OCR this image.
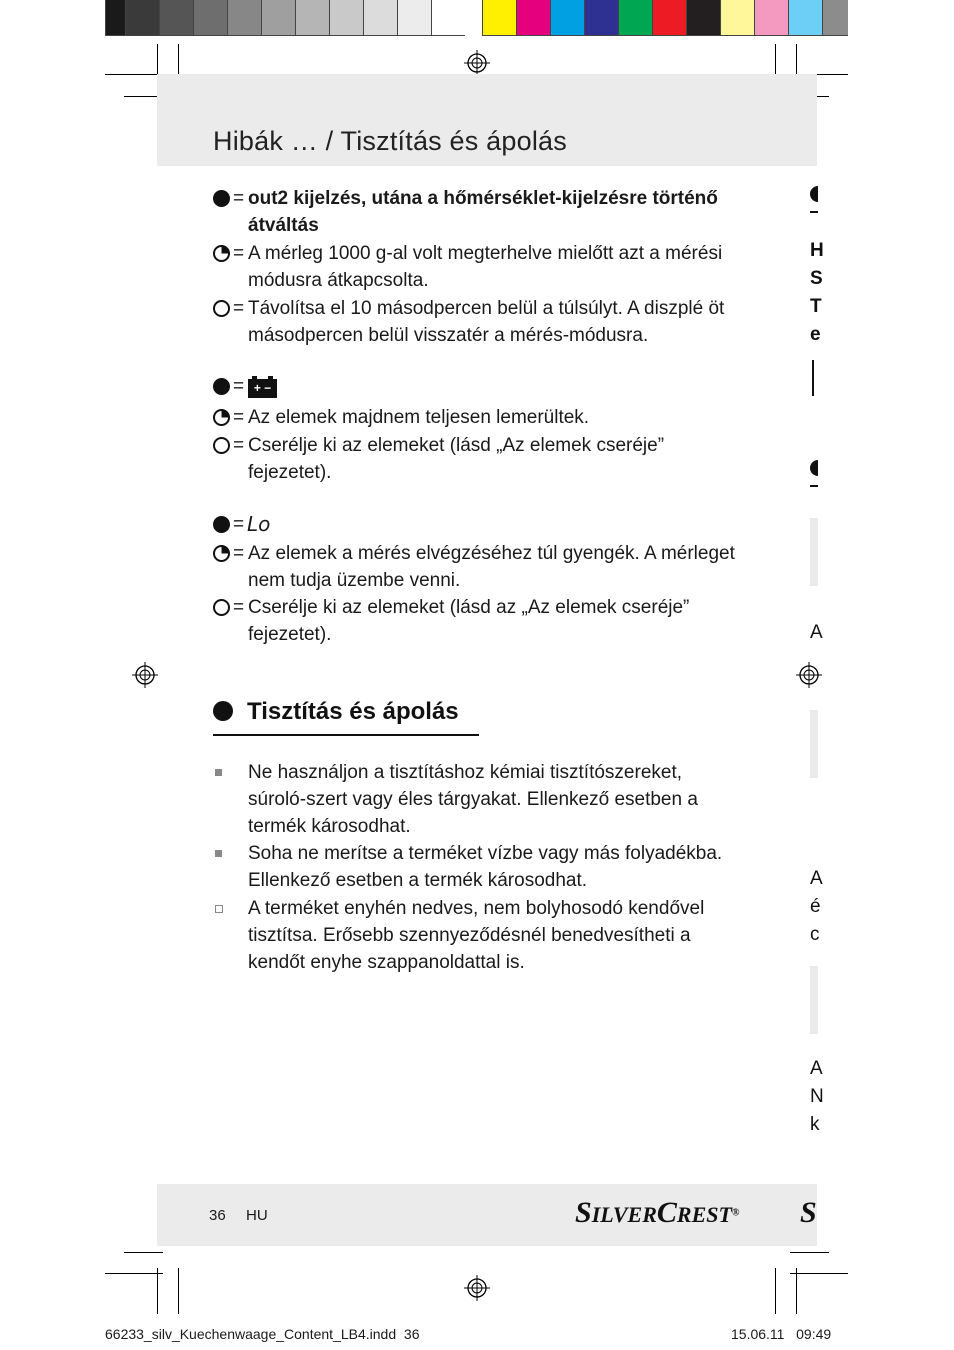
Hibák … / Tisztítás és ápolás
= out2 kijelzés, utána a hőmérséklet-kijelzésre történő átváltás
= A mérleg 1000 g-al volt megterhelve mielőtt azt a mérési módusra átkapcsolta.
= Távolítsa el 10 másodpercen belül a túlsúlyt. A diszplé öt másodpercen belül visszatér a mérés-módusra.
= + −
= Az elemek majdnem teljesen lemerültek.
= Cserélje ki az elemeket (lásd „Az elemek cseréje” fejezetet).
= Lo
= Az elemek a mérés elvégzéséhez túl gyengék. A mérleget nem tudja üzembe venni.
= Cserélje ki az elemeket (lásd az „Az elemek cseréje” fejezetet).
Tisztítás és ápolás
Ne használjon a tisztításhoz kémiai tisztítószereket, súroló-szert vagy éles tárgyakat. Ellenkező esetben a termék károsodhat.
Soha ne merítse a terméket vízbe vagy más folyadékba. Ellenkező esetben a termék károsodhat.
A terméket enyhén nedves, nem bolyhosodó kendővel tisztítsa. Erősebb szennyeződésnél benedvesítheti a kendőt enyhe szappanoldattal is.
H
S
T
e
A
A
é
c
A
N
k
36 HU	SILVERCREST® S
66233_silv_Kuechenwaage_Content_LB4.indd 36	15.06.11 09:49
